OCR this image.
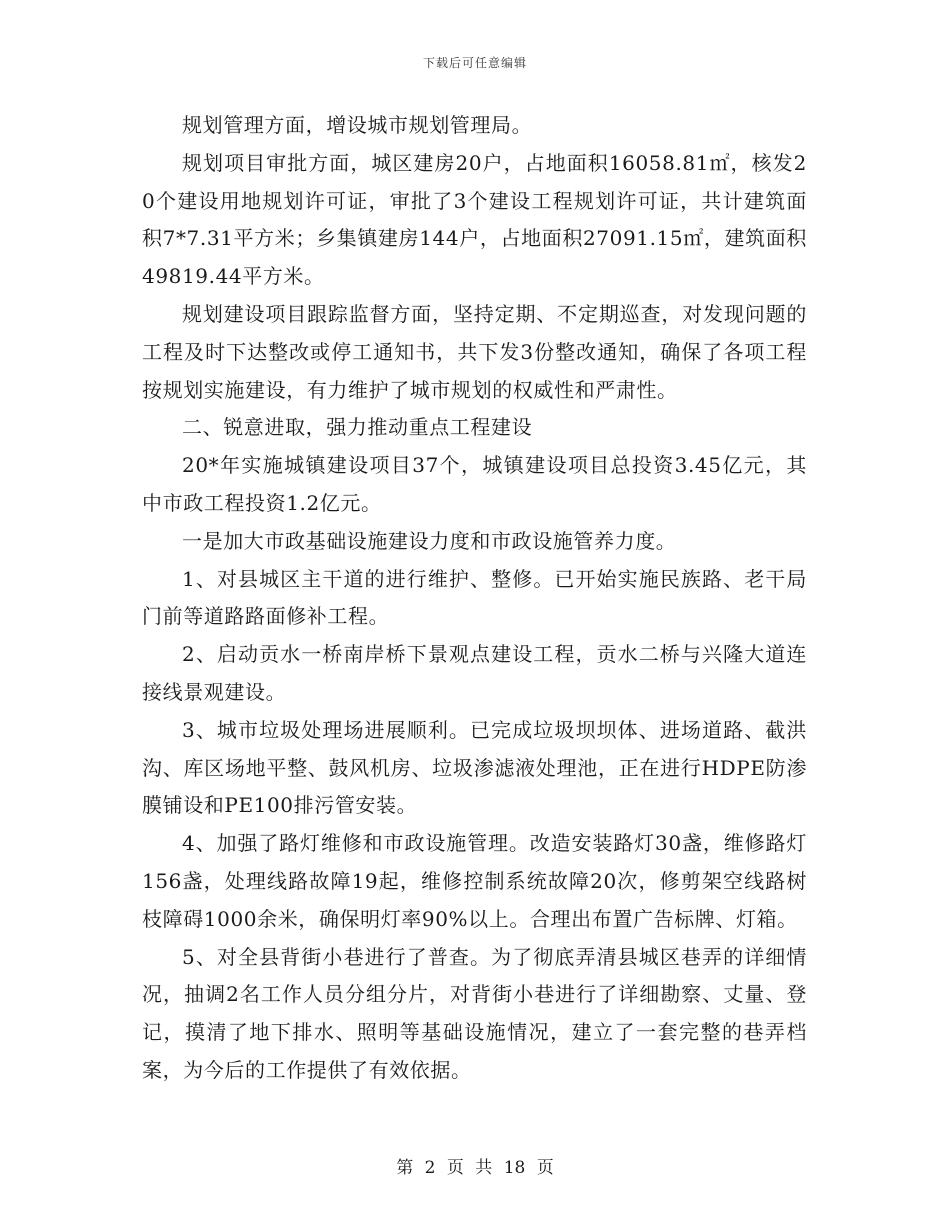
下载后可任意编辑

规划管理方面，增设城市规划管理局。

规划项目审批方面，城区建房20户，占地面积16058.81㎡，核发20个建设用地规划许可证，审批了3个建设工程规划许可证，共计建筑面积7*7.31平方米；乡集镇建房144户，占地面积27091.15㎡，建筑面积49819.44平方米。

规划建设项目跟踪监督方面，坚持定期、不定期巡查，对发现问题的工程及时下达整改或停工通知书，共下发3份整改通知，确保了各项工程按规划实施建设，有力维护了城市规划的权威性和严肃性。

二、锐意进取，强力推动重点工程建设

20*年实施城镇建设项目37个，城镇建设项目总投资3.45亿元，其中市政工程投资1.2亿元。

一是加大市政基础设施建设力度和市政设施管养力度。

1、对县城区主干道的进行维护、整修。已开始实施民族路、老干局门前等道路路面修补工程。

2、启动贡水一桥南岸桥下景观点建设工程，贡水二桥与兴隆大道连接线景观建设。

3、城市垃圾处理场进展顺利。已完成垃圾坝坝体、进场道路、截洪沟、库区场地平整、鼓风机房、垃圾渗滤液处理池，正在进行HDPE防渗膜铺设和PE100排污管安装。

4、加强了路灯维修和市政设施管理。改造安装路灯30盏，维修路灯156盏，处理线路故障19起，维修控制系统故障20次，修剪架空线路树枝障碍1000余米，确保明灯率90%以上。合理出布置广告标牌、灯箱。

5、对全县背街小巷进行了普查。为了彻底弄清县城区巷弄的详细情况，抽调2名工作人员分组分片，对背街小巷进行了详细勘察、丈量、登记，摸清了地下排水、照明等基础设施情况，建立了一套完整的巷弄档案，为今后的工作提供了有效依据。

第 2 页 共 18 页
